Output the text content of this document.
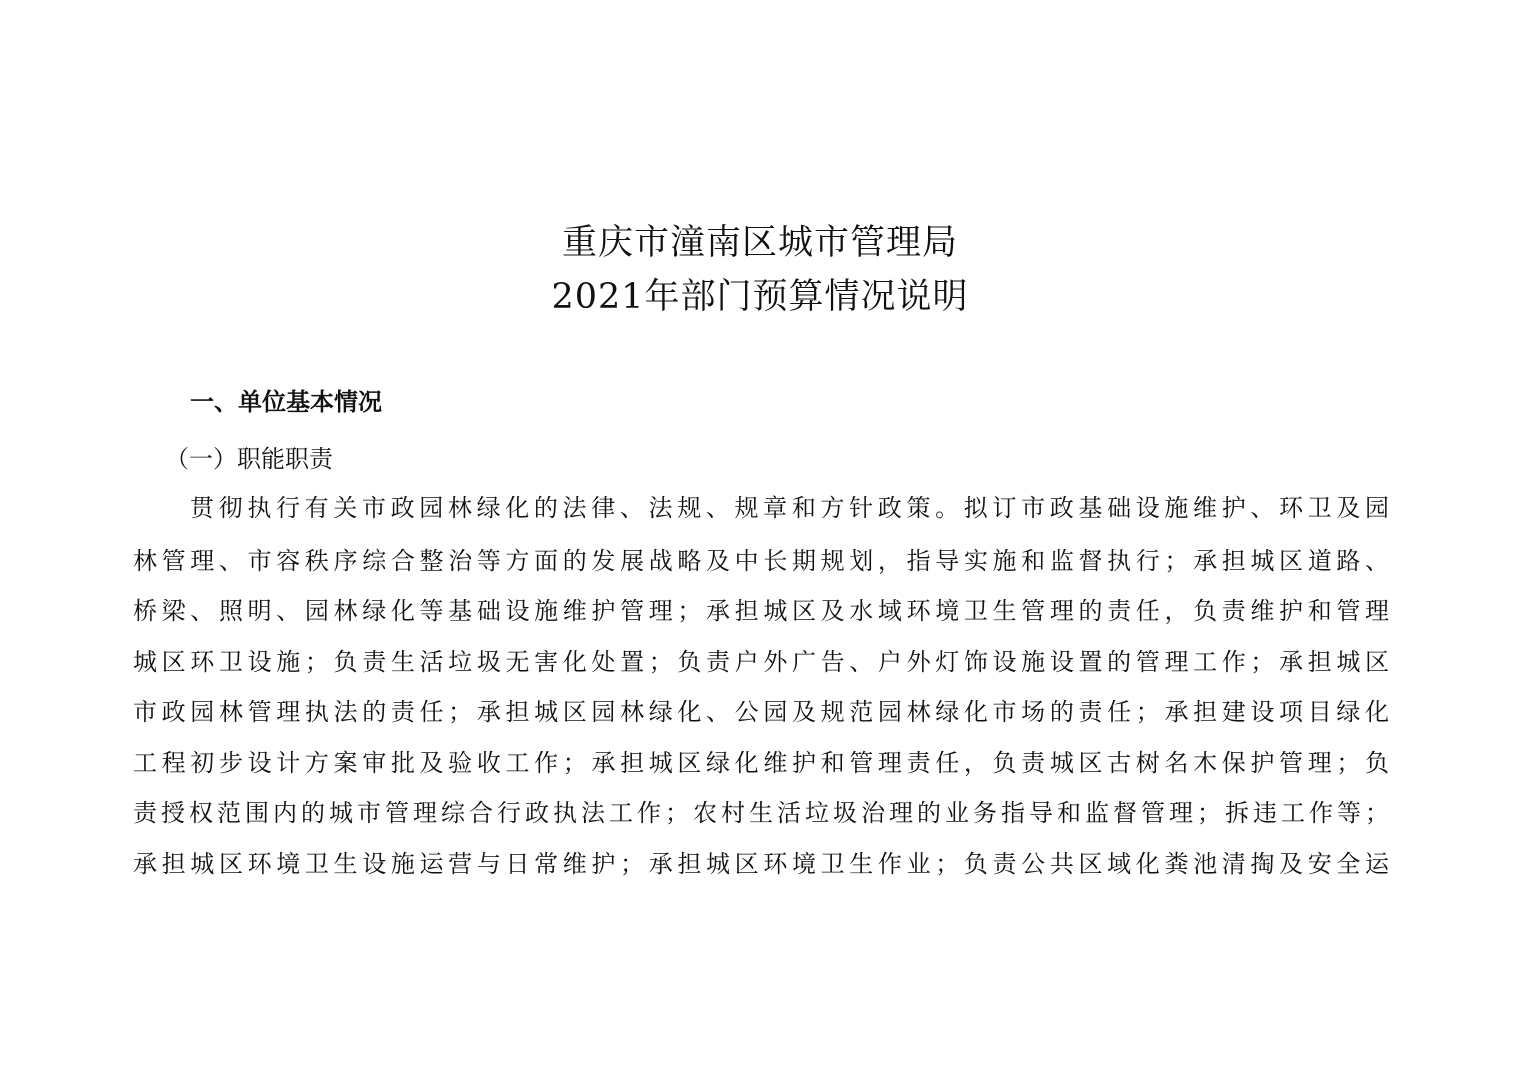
重庆市潼南区城市管理局
2021年部门预算情况说明
一、单位基本情况
（一）职能职责
贯彻执行有关市政园林绿化的法律、法规、规章和方针政策。拟订市政基础设施维护、环卫及园
林管理、市容秩序综合整治等方面的发展战略及中长期规划，指导实施和监督执行；承担城区道路、
桥梁、照明、园林绿化等基础设施维护管理；承担城区及水域环境卫生管理的责任，负责维护和管理
城区环卫设施；负责生活垃圾无害化处置；负责户外广告、户外灯饰设施设置的管理工作；承担城区
市政园林管理执法的责任；承担城区园林绿化、公园及规范园林绿化市场的责任；承担建设项目绿化
工程初步设计方案审批及验收工作；承担城区绿化维护和管理责任，负责城区古树名木保护管理；负
责授权范围内的城市管理综合行政执法工作；农村生活垃圾治理的业务指导和监督管理；拆违工作等；
承担城区环境卫生设施运营与日常维护；承担城区环境卫生作业；负责公共区域化粪池清掏及安全运
